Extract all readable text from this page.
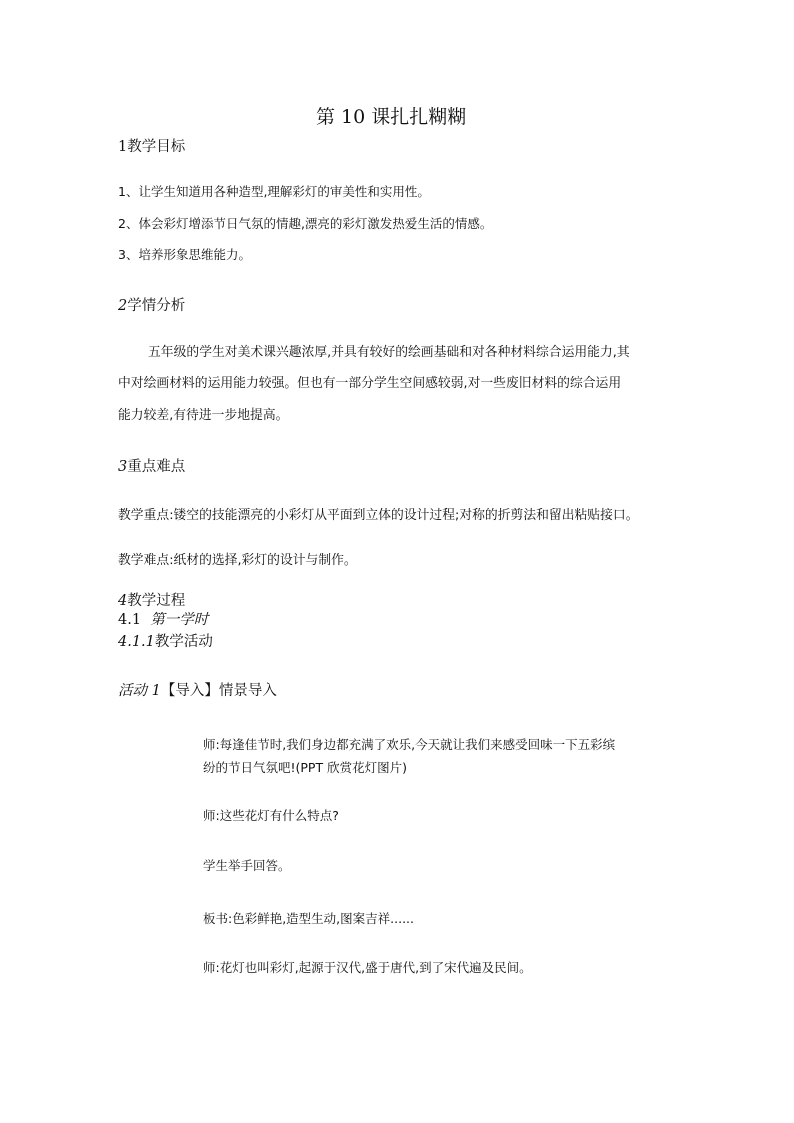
第 10 课扎扎糊糊
1教学目标
1、让学生知道用各种造型,理解彩灯的审美性和实用性。
2、体会彩灯增添节日气氛的情趣,漂亮的彩灯激发热爱生活的情感。
3、培养形象思维能力。
2学情分析
五年级的学生对美术课兴趣浓厚,并具有较好的绘画基础和对各种材料综合运用能力,其
中对绘画材料的运用能力较强。但也有一部分学生空间感较弱,对一些废旧材料的综合运用
能力较差,有待进一步地提高。
3重点难点
教学重点:镂空的技能漂亮的小彩灯从平面到立体的设计过程;对称的折剪法和留出粘贴接口。
教学难点:纸材的选择,彩灯的设计与制作。
4教学过程
4.1 第一学时
4.1.1教学活动
活动 1【导入】情景导入
师:每逢佳节时,我们身边都充满了欢乐,今天就让我们来感受回味一下五彩缤
纷的节日气氛吧!(PPT 欣赏花灯图片)
师:这些花灯有什么特点?
学生举手回答。
板书:色彩鲜艳,造型生动,图案吉祥......
师:花灯也叫彩灯,起源于汉代,盛于唐代,到了宋代遍及民间。
